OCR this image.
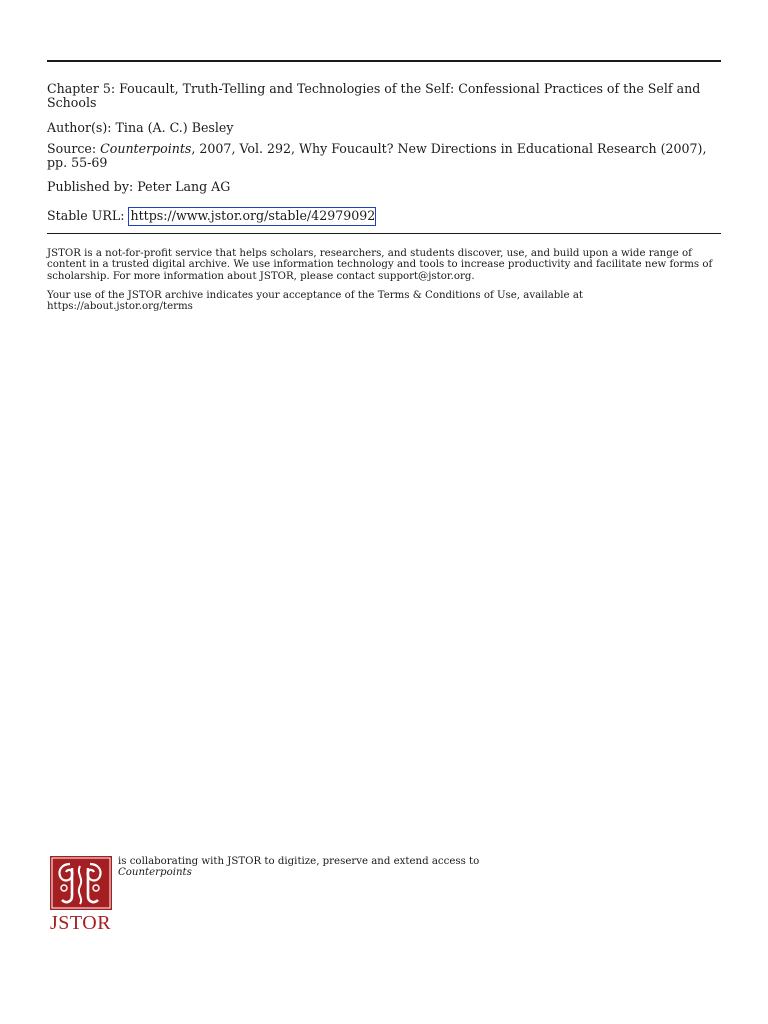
Chapter 5: Foucault, Truth-Telling and Technologies of the Self: Confessional Practices of the Self and Schools

Author(s): Tina (A. C.) Besley

Source: Counterpoints, 2007, Vol. 292, Why Foucault? New Directions in Educational Research (2007), pp. 55-69

Published by: Peter Lang AG

Stable URL: https://www.jstor.org/stable/42979092

JSTOR is a not-for-profit service that helps scholars, researchers, and students discover, use, and build upon a wide range of content in a trusted digital archive. We use information technology and tools to increase productivity and facilitate new forms of scholarship. For more information about JSTOR, please contact support@jstor.org.

Your use of the JSTOR archive indicates your acceptance of the Terms & Conditions of Use, available at https://about.jstor.org/terms

JSTOR

is collaborating with JSTOR to digitize, preserve and extend access to

Counterpoints
